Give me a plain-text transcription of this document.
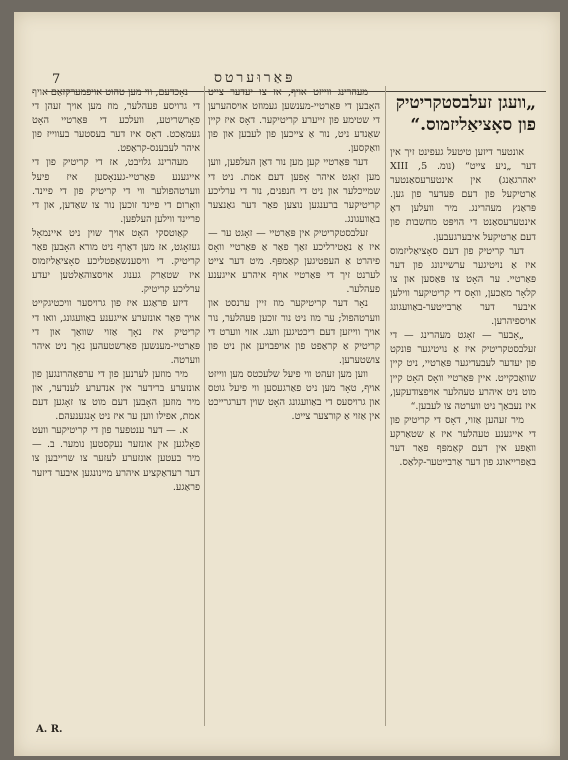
7	פּאַרוּערטס
„וועגן זעלבסטקריטיק פון סאָציאַליזמוס.“

אונטער דיזען טיטעל געפינט זיך אין דער „ניע צייט“ (נומ. 5, XIII יאהרגאַנג) אין אינטערעסאַנטער אַרטיקעל פון דעם פּעדער פון גען. פּראַנץ מעהרינג. מיר וועלען דאָ אינטערעסאַנט די הויפּט מחשבות פון דעם אַרטיקעל איבערגעבען.

דער קריטיק פון דעם סאָציאַליזמוס איז אַ נויטיגער ערשיינונג פון דער פּאַרטיי. ער האָט צו פּאַסען און צו קלאָר מאַכען, וואָס די קריטיקער ווילען איבער דער אַרבייטער-באַוועגונג אויספיהרען.

„אָבער — זאָגט מעהרינג — די זעלבסטקריטיק איז אַ נויטיגער פּונקט פון יעדער לעבעדיגער פּאַרטיי, ניט קיין שוואַכקייט. איין פּאַרטיי וואָס האָט קיין מוט ניט איהרע טעהלער אויפצודעקען, איז נעבאַך ניט ווערטה צו לעבען.“

מיר זעהען אַזוי, דאָס די קריטיק פון די אייגענע טעהלער איז אַ שטאַרקע וואַפע אין דעם קאַמפּף פאַר דער באַפרייאונג פון דער אַרבייטער-קלאַס.

מעהרינג ווייזט אויף, אז צו יעדער צייט האָבען די פּאַרטיי-מענשען געמוזט אויסהערען די שטימע פון זייערע קריטיקער. דאָס איז קיין שאַנדע ניט, נור אַ צייכען פון לעבען און פון וואַקסען.

דער פּאַרטיי קען מען נור דאַן העלפען, ווען מען זאָגט איהר אָפען דעם אמת. ניט די שמייכלער און ניט די חנפנים, נור די ערליכע קריטיקער ברענגען נוצען פאַר דער גאַנצער באַוועגונג.

זעלבסטקריטיק אין פּאַרטיי — זאָגט ער — איז אַ נאַטירליכע זאַך פאַר אַ פּאַרטיי וואָס פיהרט אַ העפטיגען קאַמפּף. מיט דער צייט לערנט זיך די פּאַרטיי אויף איהרע אייגענע פעהלער.

נאָר דער קריטיקער מוז זיין ערנסט און ווערטהפול; ער מוז ניט נור זוכען פעהלער, נור אויך ווייזען דעם ריכטיגען וועג. אזוי ווערט די קריטיק אַ קראַפט פון אויפבויען און ניט פון צושטערען.

ווען מען זעהט ווי פיעל שלעכטס מען ווייזט אויף, טאָר מען ניט פאַרגעסען ווי פיעל גוטס און גרויסעס די באַוועגונג האָט שוין דערגרייכט אין אַזוי אַ קורצער צייט.

נאָכדעם, ווי מען טהוט אויפמערקזאַם אויף די גרויסע פעהלער, מוז מען אויך זעהן די פאָרשריטע, וועלכע די פּאַרטיי האָט געמאַכט. דאָס איז דער בעסטער בעווייז פון איהר לעבענס-קראַפט.

מעהרינג גלויבט, אז די קריטיק פון די אייגענע פּאַרטיי-גענאָסען איז פיעל ווערטהפולער ווי די קריטיק פון די פיינד. וואָרום די פיינד זוכען נור צו שאַדען, און די פריינד ווילען העלפען.

קאַוטסקי האָט אויך שוין ניט איינמאָל געזאָגט, אז מען דאַרף ניט מורא האָבען פאַר קריטיק. די וויסענשאַפטליכע סאָציאַליזמוס איז שטאַרק גענוג אויסצוהאַלטען יעדע ערליכע קריטיק.

דיזע פראַגע איז פון גרויסער וויכטיגקייט אויך פאַר אונזערע אייגענע באַוועגונג, וואו די קריטיק איז נאָך אַזוי שוואַך און די פּאַרטיי-מענשען פאַרשטעהען נאָך ניט איהר ווערטה.

מיר מוזען לערנען פון די ערפאַהרונגען פון אונזערע ברידער אין אנדערע לענדער, און מיר מוזען האָבען דעם מוט צו זאָגען דעם אמת, אפילו ווען ער איז ניט אָנגענעהם.

א. — דער ענטפער פון די קריטיקער וועט פאָלגען אין אונזער נעקסטען נומער. ב. — מיר בעטען אונזערע לעזער צו שרייבען צו דער רעדאַקציע איהרע מיינונגען איבער דיזער פראַגע.

A. R.
